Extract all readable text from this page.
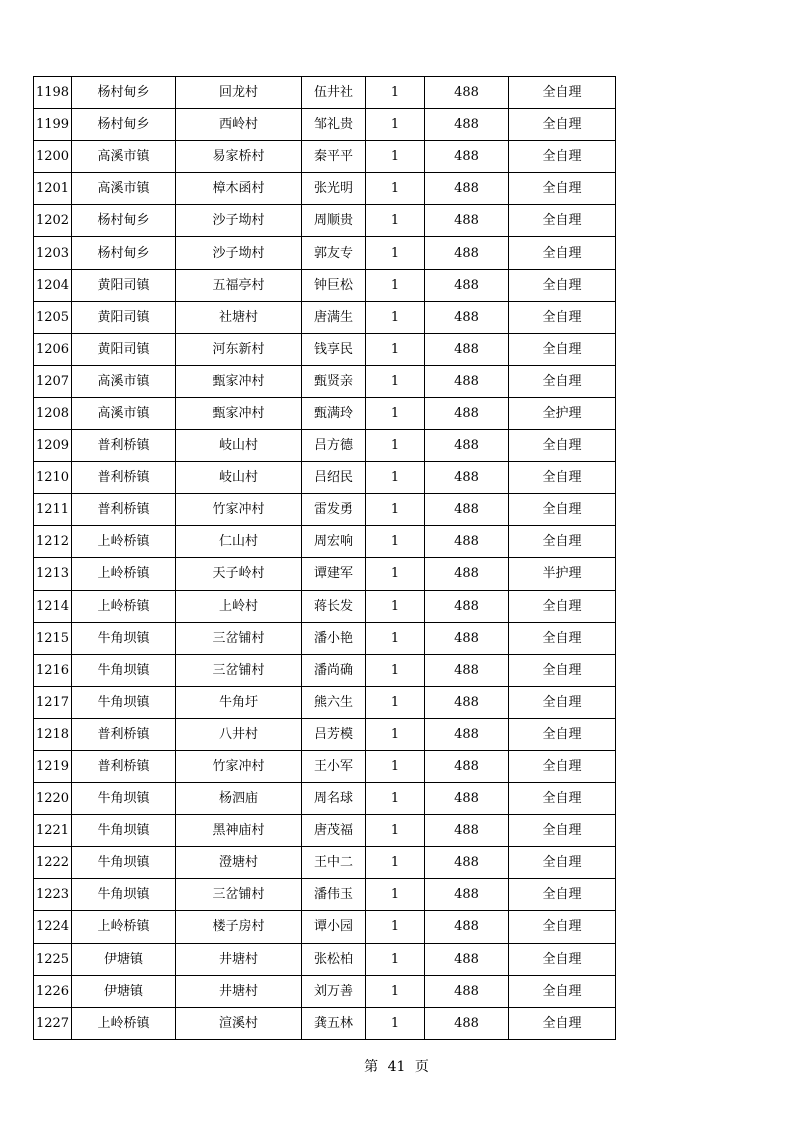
1198	杨村甸乡	回龙村	伍井社	1	488	全自理
1199	杨村甸乡	西岭村	邹礼贵	1	488	全自理
1200	高溪市镇	易家桥村	秦平平	1	488	全自理
1201	高溪市镇	樟木函村	张光明	1	488	全自理
1202	杨村甸乡	沙子坳村	周顺贵	1	488	全自理
1203	杨村甸乡	沙子坳村	郭友专	1	488	全自理
1204	黄阳司镇	五福亭村	钟巨松	1	488	全自理
1205	黄阳司镇	社塘村	唐满生	1	488	全自理
1206	黄阳司镇	河东新村	钱享民	1	488	全自理
1207	高溪市镇	甄家冲村	甄贤亲	1	488	全自理
1208	高溪市镇	甄家冲村	甄满玲	1	488	全护理
1209	普利桥镇	岐山村	吕方德	1	488	全自理
1210	普利桥镇	岐山村	吕绍民	1	488	全自理
1211	普利桥镇	竹家冲村	雷发勇	1	488	全自理
1212	上岭桥镇	仁山村	周宏响	1	488	全自理
1213	上岭桥镇	天子岭村	谭建军	1	488	半护理
1214	上岭桥镇	上岭村	蒋长发	1	488	全自理
1215	牛角坝镇	三岔铺村	潘小艳	1	488	全自理
1216	牛角坝镇	三岔铺村	潘尚确	1	488	全自理
1217	牛角坝镇	牛角圩	熊六生	1	488	全自理
1218	普利桥镇	八井村	吕芳模	1	488	全自理
1219	普利桥镇	竹家冲村	王小军	1	488	全自理
1220	牛角坝镇	杨泗庙	周名球	1	488	全自理
1221	牛角坝镇	黑神庙村	唐茂福	1	488	全自理
1222	牛角坝镇	澄塘村	王中二	1	488	全自理
1223	牛角坝镇	三岔铺村	潘伟玉	1	488	全自理
1224	上岭桥镇	楼子房村	谭小园	1	488	全自理
1225	伊塘镇	井塘村	张松柏	1	488	全自理
1226	伊塘镇	井塘村	刘万善	1	488	全自理
1227	上岭桥镇	渲溪村	龚五林	1	488	全自理
第 41 页
